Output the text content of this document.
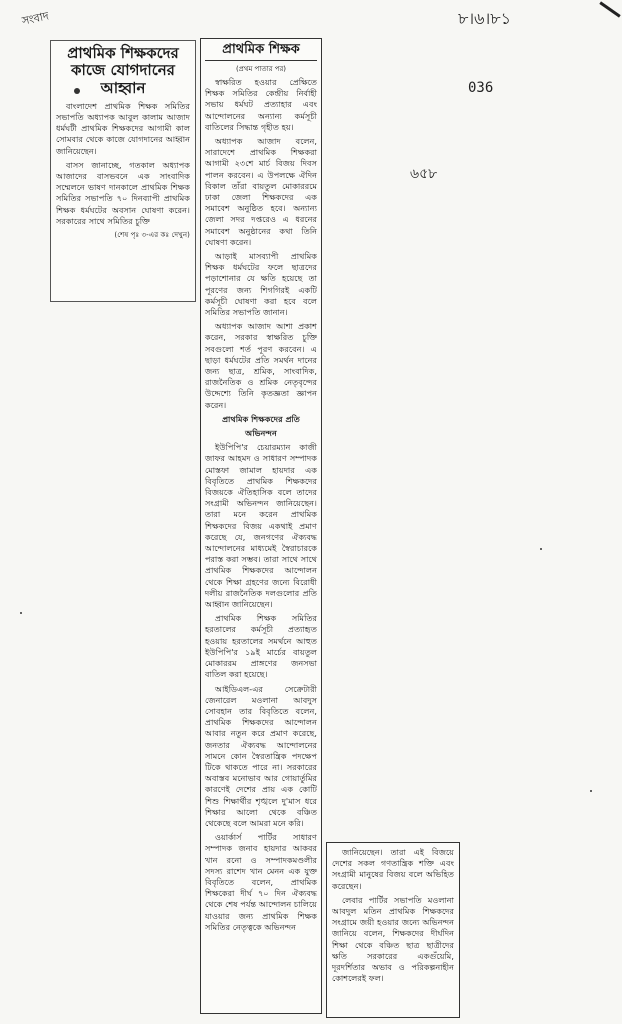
সংবাদ	৮।৬।৮১
036
৬৫৮
প্রাথমিক শিক্ষকদের কাজে যোগদানের আহ্বান

বাংলাদেশ প্রাথমিক শিক্ষক সমিতির সভাপতি অধ্যাপক আবুল কালাম আজাদ ধর্মঘটী প্রাথমিক শিক্ষকদের আগামী কাল সোমবার থেকে কাজে যোগদানের আহ্বান জানিয়েছেন।

বাসস জানাচ্ছে, গতকাল অধ্যাপক আজাদের বাসভবনে এক সাংবাদিক সম্মেলনে ভাষণ দানকালে প্রাথমিক শিক্ষক সমিতির সভাপতি ৭০ দিনব্যাপী প্রাথমিক শিক্ষক ধর্মঘটের অবসান ঘোষণা করেন। সরকারের সাথে সমিতির চুক্তি

(শেষ পৃঃ ৩-এর কঃ দেখুন)
প্রাথমিক শিক্ষক
(প্রথম পাতার পর)

স্বাক্ষরিত হওয়ার প্রেক্ষিতে শিক্ষক সমিতির কেন্দ্রীয় নির্বাহী সভায় ধর্মঘট প্রত্যাহার এবং আন্দোলনের অন্যান্য কর্মসূচী বাতিলের সিদ্ধান্ত গৃহীত হয়।

অধ্যাপক আজাদ বলেন, সারাদেশে প্রাথমিক শিক্ষকরা আগামী ২৩শে মার্চ বিজয় দিবস পালন করবেন। এ উপলক্ষে ঐদিন বিকাল তাঁরা বায়তুল মোকাররমে ঢাকা জেলা শিক্ষকদের এক সমাবেশ অনুষ্ঠিত হবে। অন্যান্য জেলা সদর দপ্তরেও এ ধরনের সমাবেশ অনুষ্ঠানের কথা তিনি ঘোষণা করেন।

আড়াই মাসব্যাপী প্রাথমিক শিক্ষক ধর্মঘটের ফলে ছাত্রদের পড়াশোনার যে ক্ষতি হয়েছে তা পূরণের জন্য শিগগিরই একটি কর্মসূচী ঘোষণা করা হবে বলে সমিতির সভাপতি জানান।

অধ্যাপক আজাদ আশা প্রকাশ করেন, সরকার স্বাক্ষরিত চুক্তি সবগুলো শর্ত পূরণ করবেন। এ ছাড়া ধর্মঘটের প্রতি সমর্থন দানের জন্য ছাত্র, শ্রমিক, সাংবাদিক, রাজনৈতিক ও শ্রমিক নেতৃবৃন্দের উদ্দেশ্যে তিনি কৃতজ্ঞতা জ্ঞাপন করেন।

প্রাথমিক শিক্ষকদের প্রতি
অভিনন্দন

ইউপিপি'র চেয়ারম্যান কাজী জাফর আহমদ ও সাধারণ সম্পাদক মোস্তফা জামাল হায়দার এক বিবৃতিতে প্রাথমিক শিক্ষকদের বিজয়কে ঐতিহাসিক বলে তাদের সংগ্রামী অভিনন্দন জানিয়েছেন। তারা মনে করেন প্রাথমিক শিক্ষকদের বিজয় একথাই প্রমাণ করেছে যে, জনগণের ঐক্যবদ্ধ আন্দোলনের মাধ্যমেই স্বৈরাচারকে পরাস্ত করা সম্ভব। তারা সাথে সাথে প্রাথমিক শিক্ষকদের আন্দোলন থেকে শিক্ষা গ্রহণের জন্যে বিরোধী দলীয় রাজনৈতিক দলগুলোর প্রতি আহ্বান জানিয়েছেন।

প্রাথমিক শিক্ষক সমিতির হরতালের কর্মসূচী প্রত্যাহৃত হওয়ায় হরতালের সমর্থনে আহুত ইউপিপি'র ১৯ই মার্চের বায়তুল মোকাররম প্রাঙ্গণের জনসভা বাতিল করা হয়েছে।

আইডিএল-এর সেক্রেটারী জেনারেল মওলানা আবদুস সোবহান তার বিবৃতিতে বলেন, প্রাথমিক শিক্ষকদের আন্দোলন আবার নতুন করে প্রমাণ করেছে, জনতার ঐক্যবদ্ধ আন্দোলনের সামনে কোন স্বৈরতান্ত্রিক পদক্ষেপ টিকে থাকতে পারে না। সরকারের অবাস্তব মনোভাব আর গোয়ার্তুমির কারণেই দেশের প্রায় এক কোটি শিশু শিক্ষার্থীর শৃঙ্খলে দু'মাস ধরে শিক্ষার আলো থেকে বঞ্চিত থেকেছে বলে আমরা মনে করি।

ওয়ার্কার্স পার্টির সাধারণ সম্পাদক জনাব হায়দার আকবর খান রনো ও সম্পাদকমণ্ডলীর সদস্য রাশেদ খান মেনন এক যুক্ত বিবৃতিতে বলেন, প্রাথমিক শিক্ষকেরা দীর্ঘ ৭০ দিন ঐক্যবদ্ধ থেকে শেষ পর্যন্ত আন্দোলন চালিয়ে যাওয়ার জন্য প্রাথমিক শিক্ষক সমিতির নেতৃত্বকে অভিনন্দন

জানিয়েছেন। তারা এই বিজয়ে দেশের সকল গণতান্ত্রিক শক্তি এবং সংগ্রামী মানুষের বিজয় বলে অভিহিত করেছেন।

লেবার পার্টির সভাপতি মওলানা আবদুল মতিন প্রাথমিক শিক্ষকদের সংগ্রামে জয়ী হওয়ার জন্যে অভিনন্দন জানিয়ে বলেন, শিক্ষকদের দীর্ঘদিন শিক্ষা থেকে বঞ্চিত ছাত্র ছাত্রীদের ক্ষতি সরকারের একগুঁয়েমি, দূরদর্শিতার অভাব ও পরিকল্পনাহীন কোশলেরই ফল।
